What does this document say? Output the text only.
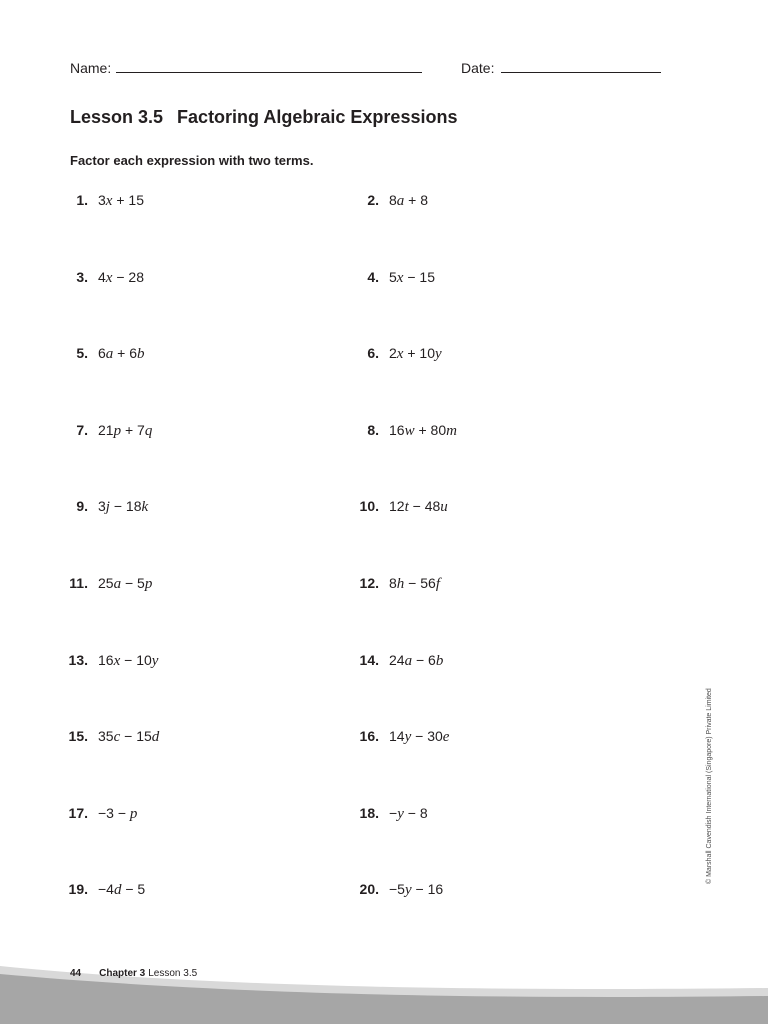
Name:	Date:
Lesson 3.5 Factoring Algebraic Expressions
Factor each expression with two terms.
1. 3x + 15	2. 8a + 8
3. 4x − 28	4. 5x − 15
5. 6a + 6b	6. 2x + 10y
7. 21p + 7q	8. 16w + 80m
9. 3j − 18k	10. 12t − 48u
11. 25a − 5p	12. 8h − 56f
13. 16x − 10y	14. 24a − 6b
15. 35c − 15d	16. 14y − 30e
17. −3 − p	18. −y − 8
19. −4d − 5	20. −5y − 16
© Marshall Cavendish International (Singapore) Private Limited
44 Chapter 3 Lesson 3.5
